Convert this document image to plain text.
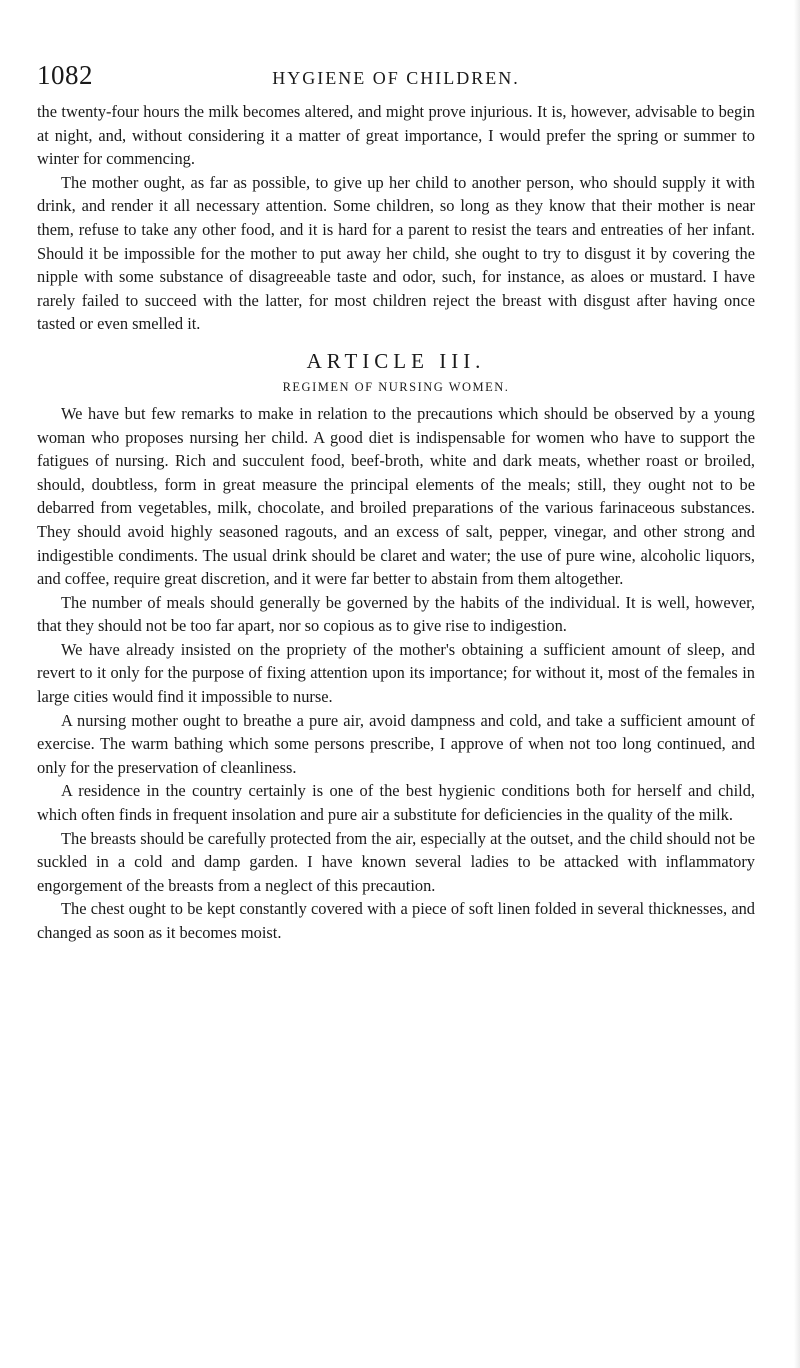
1082	HYGIENE OF CHILDREN.

the twenty-four hours the milk becomes altered, and might prove injurious. It is, however, advisable to begin at night, and, without considering it a matter of great importance, I would prefer the spring or summer to winter for commencing.

The mother ought, as far as possible, to give up her child to another person, who should supply it with drink, and render it all necessary attention. Some children, so long as they know that their mother is near them, refuse to take any other food, and it is hard for a parent to resist the tears and entreaties of her infant. Should it be impossible for the mother to put away her child, she ought to try to disgust it by covering the nipple with some substance of disagreeable taste and odor, such, for instance, as aloes or mustard. I have rarely failed to succeed with the latter, for most children reject the breast with disgust after having once tasted or even smelled it.

ARTICLE III.
REGIMEN OF NURSING WOMEN.

We have but few remarks to make in relation to the precautions which should be observed by a young woman who proposes nursing her child. A good diet is indispensable for women who have to support the fatigues of nursing. Rich and succulent food, beef-broth, white and dark meats, whether roast or broiled, should, doubtless, form in great measure the principal elements of the meals; still, they ought not to be debarred from vegetables, milk, chocolate, and broiled preparations of the various farinaceous substances. They should avoid highly seasoned ragouts, and an excess of salt, pepper, vinegar, and other strong and indigestible condiments. The usual drink should be claret and water; the use of pure wine, alcoholic liquors, and coffee, require great discretion, and it were far better to abstain from them altogether.

The number of meals should generally be governed by the habits of the individual. It is well, however, that they should not be too far apart, nor so copious as to give rise to indigestion.

We have already insisted on the propriety of the mother's obtaining a sufficient amount of sleep, and revert to it only for the purpose of fixing attention upon its importance; for without it, most of the females in large cities would find it impossible to nurse.

A nursing mother ought to breathe a pure air, avoid dampness and cold, and take a sufficient amount of exercise. The warm bathing which some persons prescribe, I approve of when not too long continued, and only for the preservation of cleanliness.

A residence in the country certainly is one of the best hygienic conditions both for herself and child, which often finds in frequent insolation and pure air a substitute for deficiencies in the quality of the milk.

The breasts should be carefully protected from the air, especially at the outset, and the child should not be suckled in a cold and damp garden. I have known several ladies to be attacked with inflammatory engorgement of the breasts from a neglect of this precaution.

The chest ought to be kept constantly covered with a piece of soft linen folded in several thicknesses, and changed as soon as it becomes moist.
